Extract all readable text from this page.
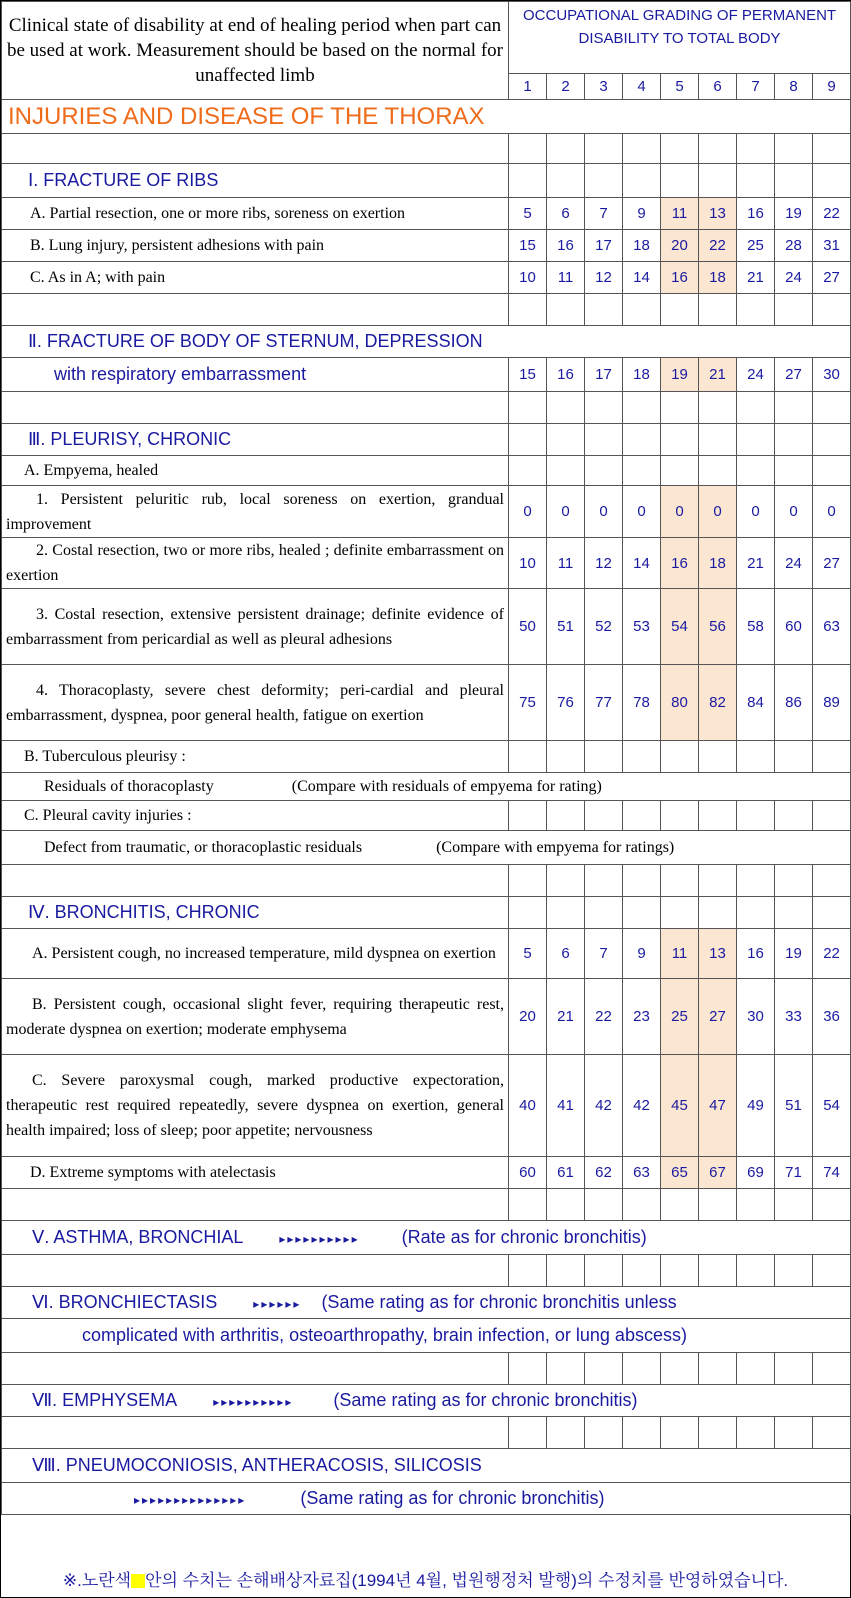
Clinical state of disability at end of healing period when part can be used at work. Measurement should be based on the normal for unaffected limb	OCCUPATIONAL GRADING OF PERMANENT DISABILITY TO TOTAL BODY								
	1	2	3	4	5	6	7	8	9
INJURIES AND DISEASE OF THE THORAX									

Ⅰ. FRACTURE OF RIBS									
A. Partial resection, one or more ribs, soreness on exertion	5	6	7	9	11	13	16	19	22
B. Lung injury, persistent adhesions with pain	15	16	17	18	20	22	25	28	31
C. As in A; with pain	10	11	12	14	16	18	21	24	27

Ⅱ. FRACTURE OF BODY OF STERNUM, DEPRESSION									
with respiratory embarrassment	15	16	17	18	19	21	24	27	30

Ⅲ. PLEURISY, CHRONIC									
A. Empyema, healed									
1. Persistent peluritic rub, local soreness on exertion, grandual improvement	0	0	0	0	0	0	0	0	0
2. Costal resection, two or more ribs, healed ; definite embarrassment on exertion	10	11	12	14	16	18	21	24	27
3. Costal resection, extensive persistent drainage; definite evidence of embarrassment from pericardial as well as pleural adhesions	50	51	52	53	54	56	58	60	63
4. Thoracoplasty, severe chest deformity; peri-cardial and pleural embarrassment, dyspnea, poor general health, fatigue on exertion	75	76	77	78	80	82	84	86	89
B. Tuberculous pleurisy :									
Residuals of thoracoplasty (Compare with residuals of empyema for rating)									
C. Pleural cavity injuries :									
Defect from traumatic, or thoracoplastic residuals (Compare with empyema for ratings)									

Ⅳ. BRONCHITIS, CHRONIC									
A. Persistent cough, no increased temperature, mild dyspnea on exertion	5	6	7	9	11	13	16	19	22
B. Persistent cough, occasional slight fever, requiring therapeutic rest, moderate dyspnea on exertion; moderate emphysema	20	21	22	23	25	27	30	33	36
C. Severe paroxysmal cough, marked productive expectoration, therapeutic rest required repeatedly, severe dyspnea on exertion, general health impaired; loss of sleep; poor appetite; nervousness	40	41	42	42	45	47	49	51	54
D. Extreme symptoms with atelectasis	60	61	62	63	65	67	69	71	74

Ⅴ. ASTHMA, BRONCHIAL ▸▸▸▸▸▸▸▸▸▸ (Rate as for chronic bronchitis)									

Ⅵ. BRONCHIECTASIS ▸▸▸▸▸▸ (Same rating as for chronic bronchitis unless									
complicated with arthritis, osteoarthropathy, brain infection, or lung abscess)									

Ⅶ. EMPHYSEMA ▸▸▸▸▸▸▸▸▸▸ (Same rating as for chronic bronchitis)									

Ⅷ. PNEUMOCONIOSIS, ANTHERACOSIS, SILICOSIS									
▸▸▸▸▸▸▸▸▸▸▸▸▸▸ (Same rating as for chronic bronchitis)									
※.노란색 안의 수치는 손해배상자료집(1994년 4월, 법원행정처 발행)의 수정치를 반영하였습니다.
